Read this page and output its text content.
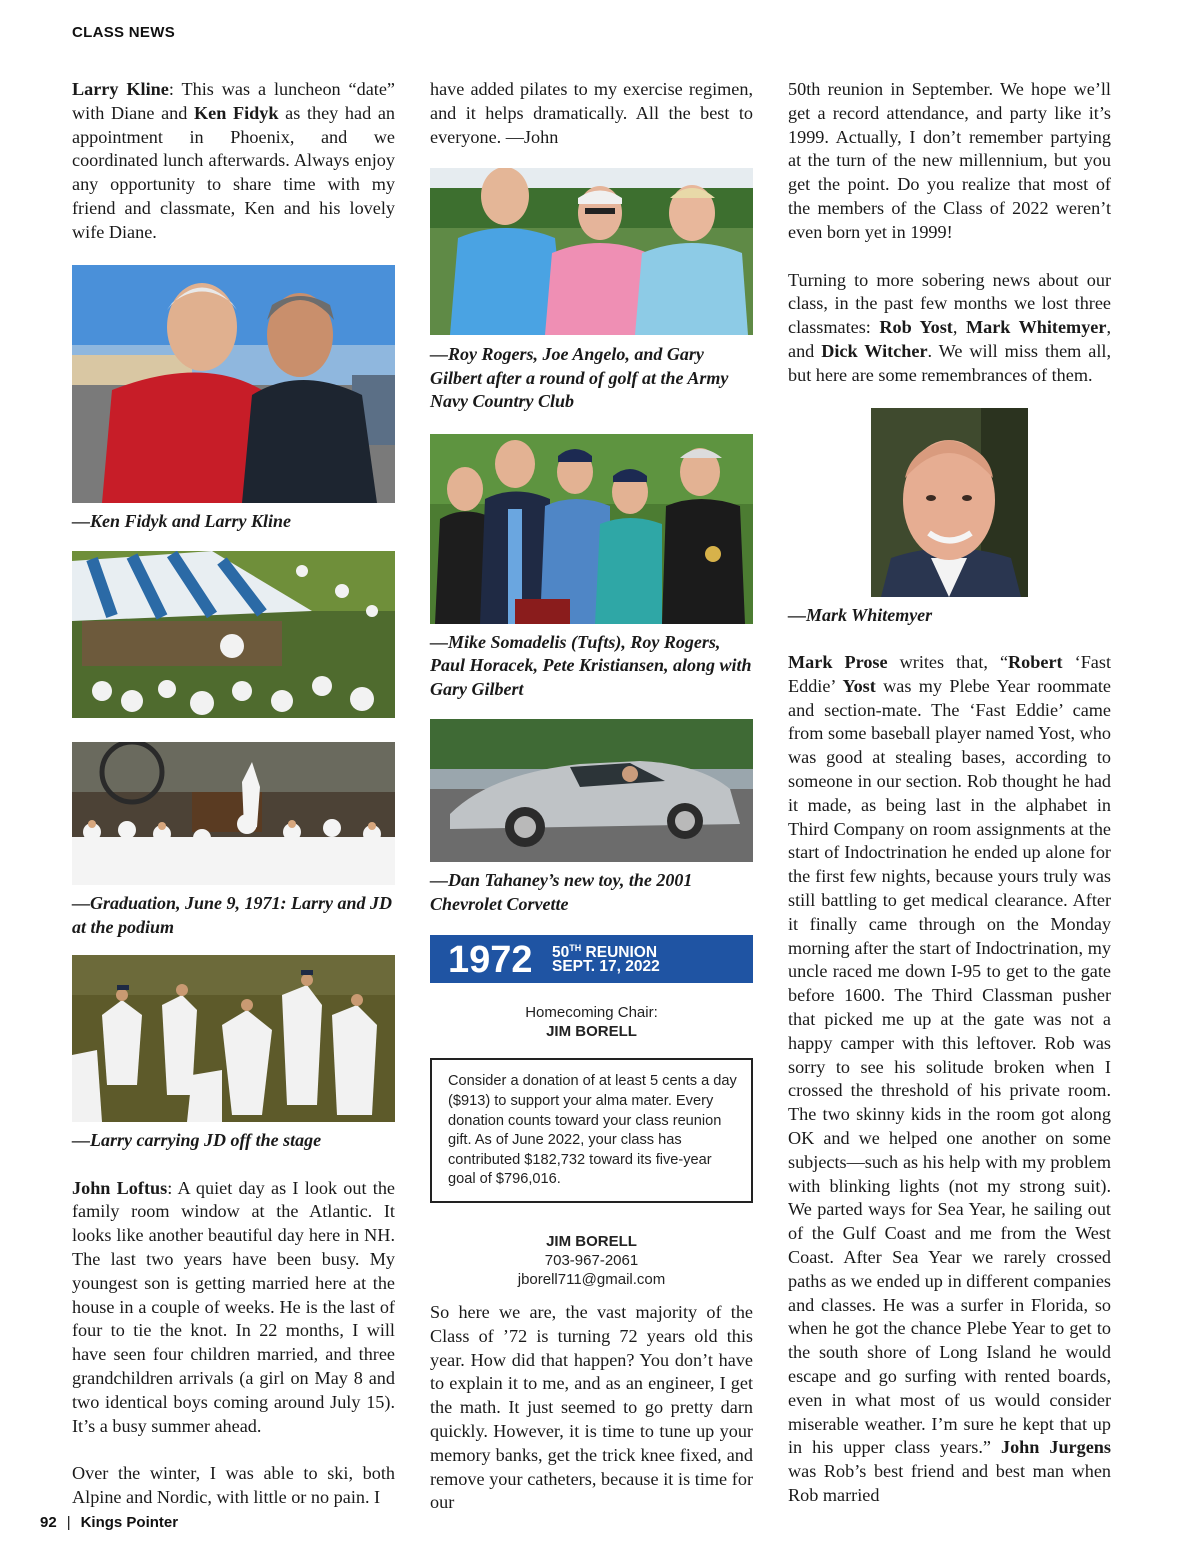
CLASS NEWS

Larry Kline: This was a luncheon “date” with Diane and Ken Fidyk as they had an appointment in Phoenix, and we coordinated lunch afterwards. Always enjoy any opportunity to share time with my friend and classmate, Ken and his lovely wife Diane.

—Ken Fidyk and Larry Kline
—Graduation, June 9, 1971: Larry and JD at the podium
—Larry carrying JD off the stage

John Loftus: A quiet day as I look out the family room window at the Atlantic. It looks like another beautiful day here in NH. The last two years have been busy. My youngest son is getting married here at the house in a couple of weeks. He is the last of four to tie the knot. In 22 months, I will have seen four children married, and three grandchildren arrivals (a girl on May 8 and two identical boys coming around July 15). It’s a busy summer ahead.

Over the winter, I was able to ski, both Alpine and Nordic, with little or no pain. I

have added pilates to my exercise regimen, and it helps dramatically. All the best to everyone. —John

—Roy Rogers, Joe Angelo, and Gary Gilbert after a round of golf at the Army Navy Country Club
—Mike Somadelis (Tufts), Roy Rogers, Paul Horacek, Pete Kristiansen, along with Gary Gilbert
—Dan Tahaney’s new toy, the 2001 Chevrolet Corvette
1972 50TH REUNION
SEPT. 17, 2022
Homecoming Chair:
JIM BORELL
Consider a donation of at least 5 cents a day ($913) to support your alma mater. Every donation counts toward your class reunion gift. As of June 2022, your class has contributed $182,732 toward its five-year goal of $796,016.
JIM BORELL
703-967-2061
jborell711@gmail.com

So here we are, the vast majority of the Class of ’72 is turning 72 years old this year. How did that happen? You don’t have to explain it to me, and as an engineer, I get the math. It just seemed to go pretty darn quickly. However, it is time to tune up your memory banks, get the trick knee fixed, and remove your catheters, because it is time for our

50th reunion in September. We hope we’ll get a record attendance, and party like it’s 1999. Actually, I don’t remember partying at the turn of the new millennium, but you get the point. Do you realize that most of the members of the Class of 2022 weren’t even born yet in 1999!

Turning to more sobering news about our class, in the past few months we lost three classmates: Rob Yost, Mark Whitemyer, and Dick Witcher. We will miss them all, but here are some remembrances of them.

—Mark Whitemyer

Mark Prose writes that, “Robert ‘Fast Eddie’ Yost was my Plebe Year roommate and section-mate. The ‘Fast Eddie’ came from some baseball player named Yost, who was good at stealing bases, according to someone in our section. Rob thought he had it made, as being last in the alphabet in Third Company on room assignments at the start of Indoctrination he ended up alone for the first few nights, because yours truly was still battling to get medical clearance. After it finally came through on the Monday morning after the start of Indoctrination, my uncle raced me down I-95 to get to the gate before 1600. The Third Classman pusher that picked me up at the gate was not a happy camper with this leftover. Rob was sorry to see his solitude broken when I crossed the threshold of his private room. The two skinny kids in the room got along OK and we helped one another on some subjects—such as his help with my problem with blinking lights (not my strong suit). We parted ways for Sea Year, he sailing out of the Gulf Coast and me from the West Coast. After Sea Year we rarely crossed paths as we ended up in different companies and classes. He was a surfer in Florida, so when he got the chance Plebe Year to get to the south shore of Long Island he would escape and go surfing with rented boards, even in what most of us would consider miserable weather. I’m sure he kept that up in his upper class years.” John Jurgens was Rob’s best friend and best man when Rob married

92 | Kings Pointer
